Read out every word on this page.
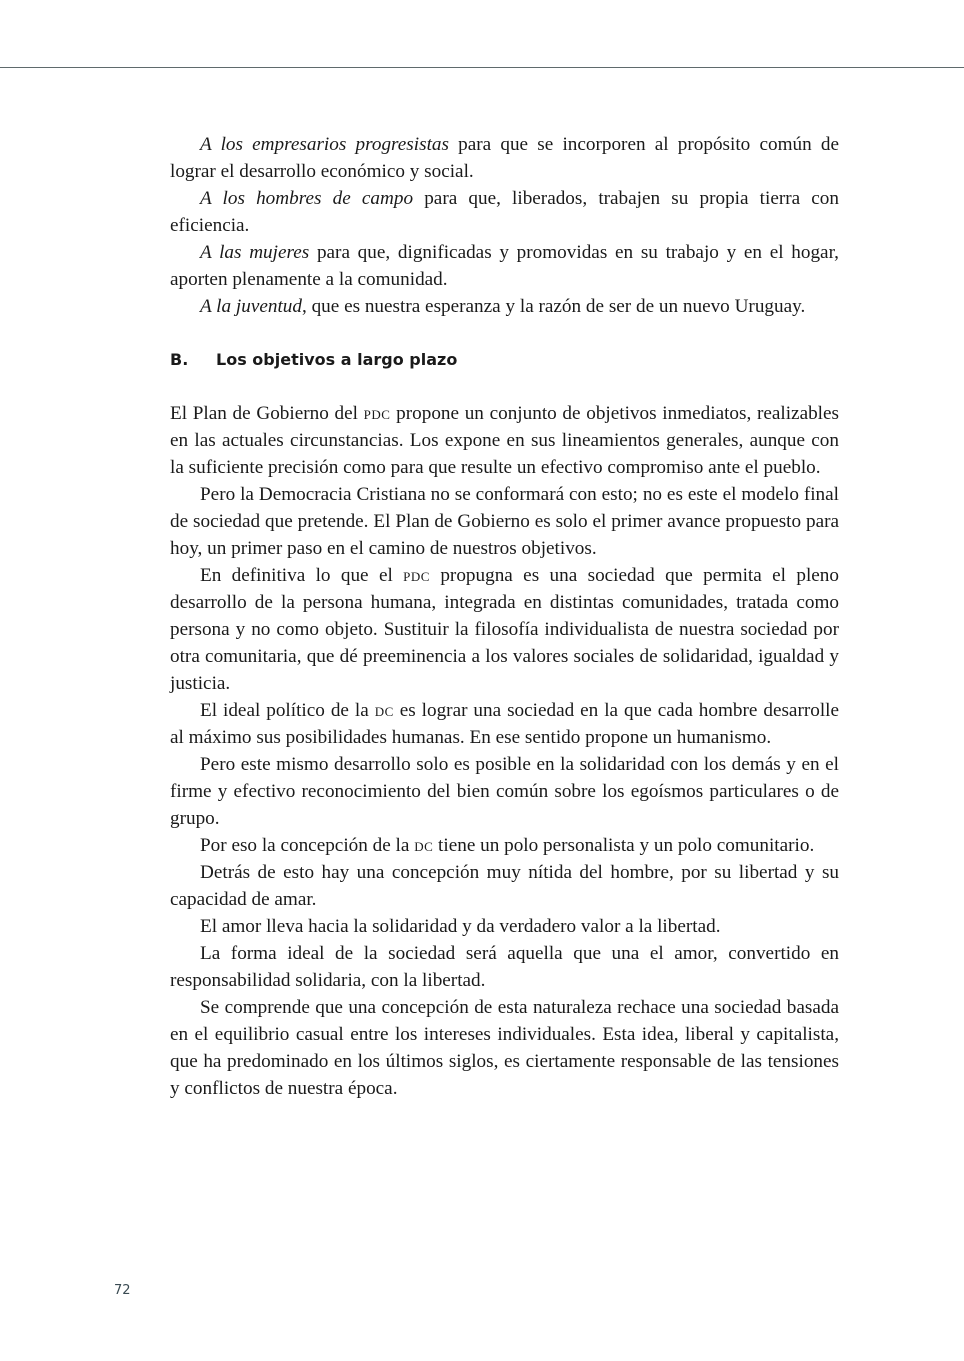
A los empresarios progresistas para que se incorporen al propósito común de lograr el desarrollo económico y social.

A los hombres de campo para que, liberados, trabajen su propia tierra con eficiencia.

A las mujeres para que, dignificadas y promovidas en su trabajo y en el hogar, aporten plenamente a la comunidad.

A la juventud, que es nuestra esperanza y la razón de ser de un nuevo Uruguay.

B.	Los objetivos a largo plazo

El Plan de Gobierno del pdc propone un conjunto de objetivos inmediatos, realizables en las actuales circunstancias. Los expone en sus lineamientos generales, aunque con la suficiente precisión como para que resulte un efectivo compromiso ante el pueblo.

Pero la Democracia Cristiana no se conformará con esto; no es este el modelo final de sociedad que pretende. El Plan de Gobierno es solo el primer avance propuesto para hoy, un primer paso en el camino de nuestros objetivos.

En definitiva lo que el pdc propugna es una sociedad que permita el pleno desarrollo de la persona humana, integrada en distintas comunidades, tratada como persona y no como objeto. Sustituir la filosofía individualista de nuestra sociedad por otra comunitaria, que dé preeminencia a los valores sociales de solidaridad, igualdad y justicia.

El ideal político de la dc es lograr una sociedad en la que cada hombre desarrolle al máximo sus posibilidades humanas. En ese sentido propone un humanismo.

Pero este mismo desarrollo solo es posible en la solidaridad con los demás y en el firme y efectivo reconocimiento del bien común sobre los egoísmos particulares o de grupo.

Por eso la concepción de la dc tiene un polo personalista y un polo comunitario.

Detrás de esto hay una concepción muy nítida del hombre, por su libertad y su capacidad de amar.

El amor lleva hacia la solidaridad y da verdadero valor a la libertad.

La forma ideal de la sociedad será aquella que una el amor, convertido en responsabilidad solidaria, con la libertad.

Se comprende que una concepción de esta naturaleza rechace una sociedad basada en el equilibrio casual entre los intereses individuales. Esta idea, liberal y capitalista, que ha predominado en los últimos siglos, es ciertamente responsable de las tensiones y conflictos de nuestra época.

72
